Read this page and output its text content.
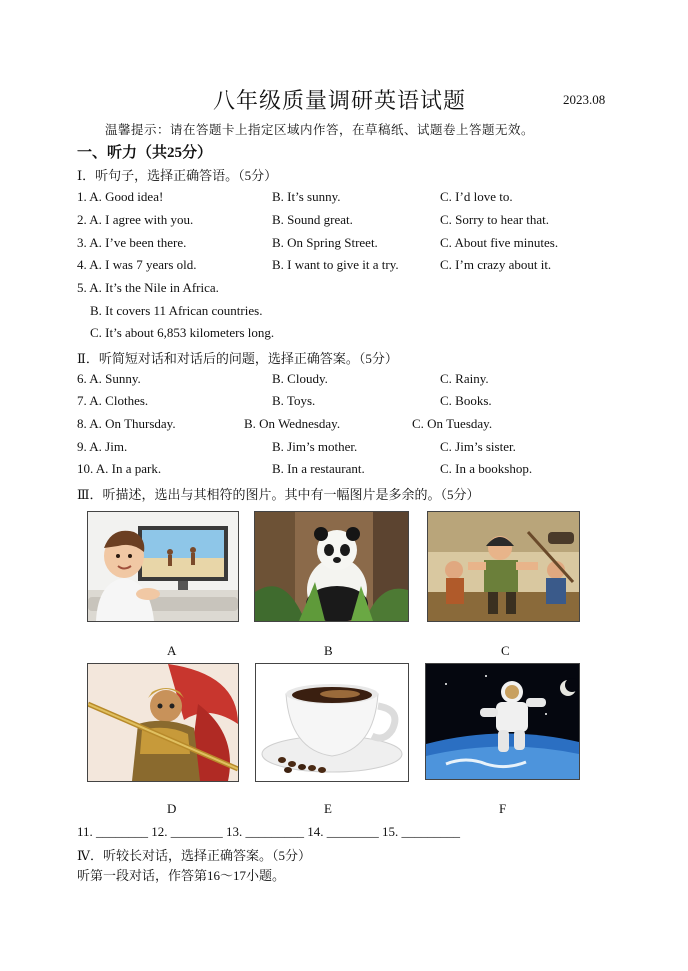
八年级质量调研英语试题	2023.08
温馨提示：请在答题卡上指定区域内作答，在草稿纸、试题卷上答题无效。
一、听力（共25分）
Ⅰ．听句子，选择正确答语。（5分）
1. A. Good idea!	B. It’s sunny.	C. I’d love to.
2. A. I agree with you.	B. Sound great.	C. Sorry to hear that.
3. A. I’ve been there.	B. On Spring Street.	C. About five minutes.
4. A. I was 7 years old.	B. I want to give it a try.	C. I’m crazy about it.
5. A. It’s the Nile in Africa.
B. It covers 11 African countries.
C. It’s about 6,853 kilometers long.
Ⅱ．听简短对话和对话后的问题，选择正确答案。（5分）
6. A. Sunny.	B. Cloudy.	C. Rainy.
7. A. Clothes.	B. Toys.	C. Books.
8. A. On Thursday.	B. On Wednesday.	C. On Tuesday.
9. A. Jim.	B. Jim’s mother.	C. Jim’s sister.
10. A. In a park.	B. In a restaurant.	C. In a bookshop.
Ⅲ．听描述，选出与其相符的图片。其中有一幅图片是多余的。（5分）
A	B	C
D	E	F
11. ________ 12. ________ 13. _________ 14. ________ 15. _________
Ⅳ．听较长对话，选择正确答案。（5分）
听第一段对话，作答第16～17小题。
